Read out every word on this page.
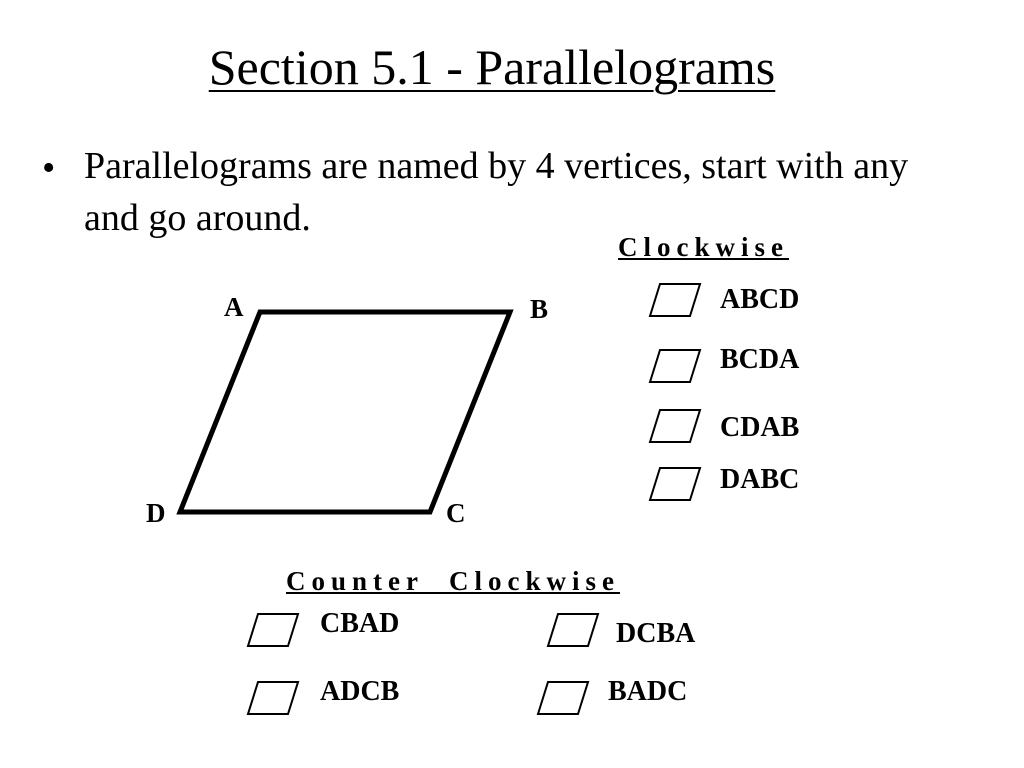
Section 5.1 - Parallelograms
• Parallelograms are named by 4 vertices, start with any and go around.
A	B
C
D
Clockwise
ABCD
BCDA
CDAB
DABC
Counter  Clockwise
CBAD	DCBA
ADCB	BADC
